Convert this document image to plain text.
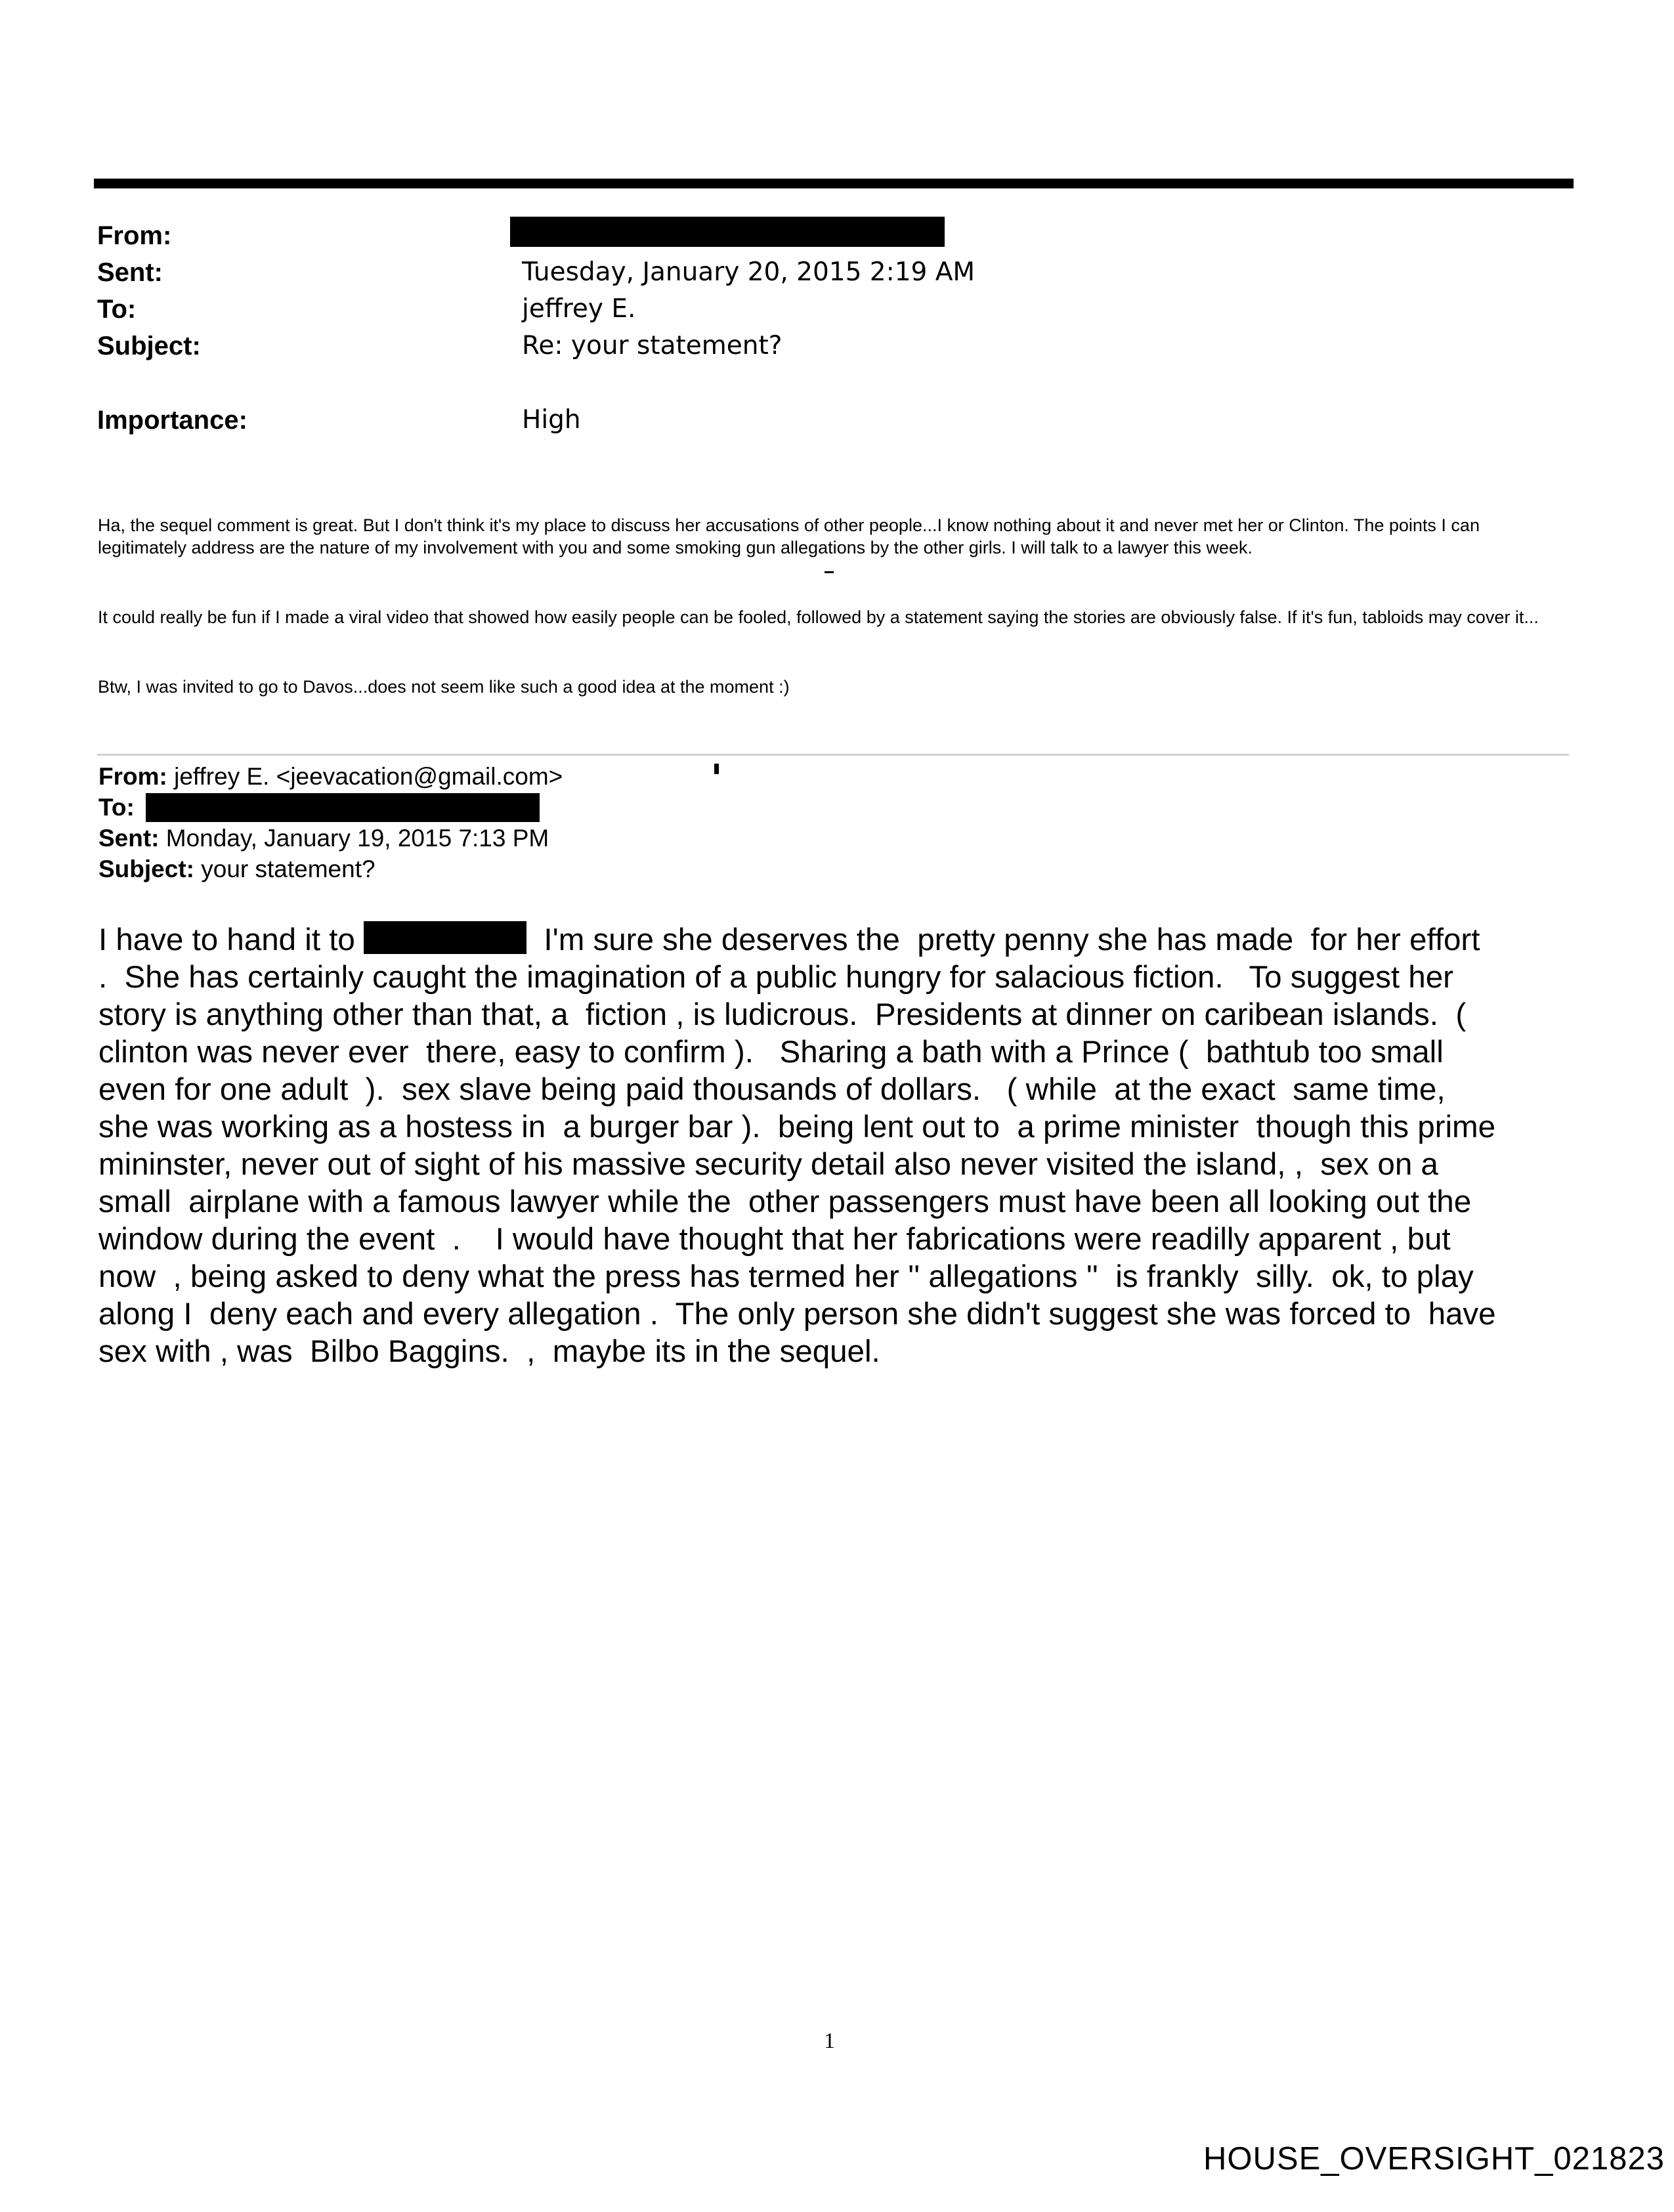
From:
Sent:	Tuesday, January 20, 2015 2:19 AM
To:	jeffrey E.
Subject:	Re: your statement?
Importance:	High

Ha, the sequel comment is great. But I don't think it's my place to discuss her accusations of other people...I know nothing about it and never met her or Clinton. The points I can legitimately address are the nature of my involvement with you and some smoking gun allegations by the other girls. I will talk to a lawyer this week.

It could really be fun if I made a viral video that showed how easily people can be fooled, followed by a statement saying the stories are obviously false. If it's fun, tabloids may cover it...

Btw, I was invited to go to Davos...does not seem like such a good idea at the moment :)

From: jeffrey E. <jeevacation@gmail.com>
To:
Sent: Monday, January 19, 2015 7:13 PM
Subject: your statement?
I have to hand it to	I'm sure she deserves the  pretty penny she has made  for her effort
.  She has certainly caught the imagination of a public hungry for salacious fiction.   To suggest her
story is anything other than that, a  fiction , is ludicrous.  Presidents at dinner on caribean islands.  (
clinton was never ever  there, easy to confirm ).   Sharing a bath with a Prince (  bathtub too small
even for one adult  ).  sex slave being paid thousands of dollars.   ( while  at the exact  same time,
she was working as a hostess in  a burger bar ).  being lent out to  a prime minister  though this prime
mininster, never out of sight of his massive security detail also never visited the island, ,  sex on a
small  airplane with a famous lawyer while the  other passengers must have been all looking out the
window during the event  .    I would have thought that her fabrications were readilly apparent , but
now  , being asked to deny what the press has termed her '' allegations ''  is frankly  silly.  ok, to play
along I  deny each and every allegation .  The only person she didn't suggest she was forced to  have
sex with , was  Bilbo Baggins.  ,  maybe its in the sequel.
1
HOUSE_OVERSIGHT_021823
